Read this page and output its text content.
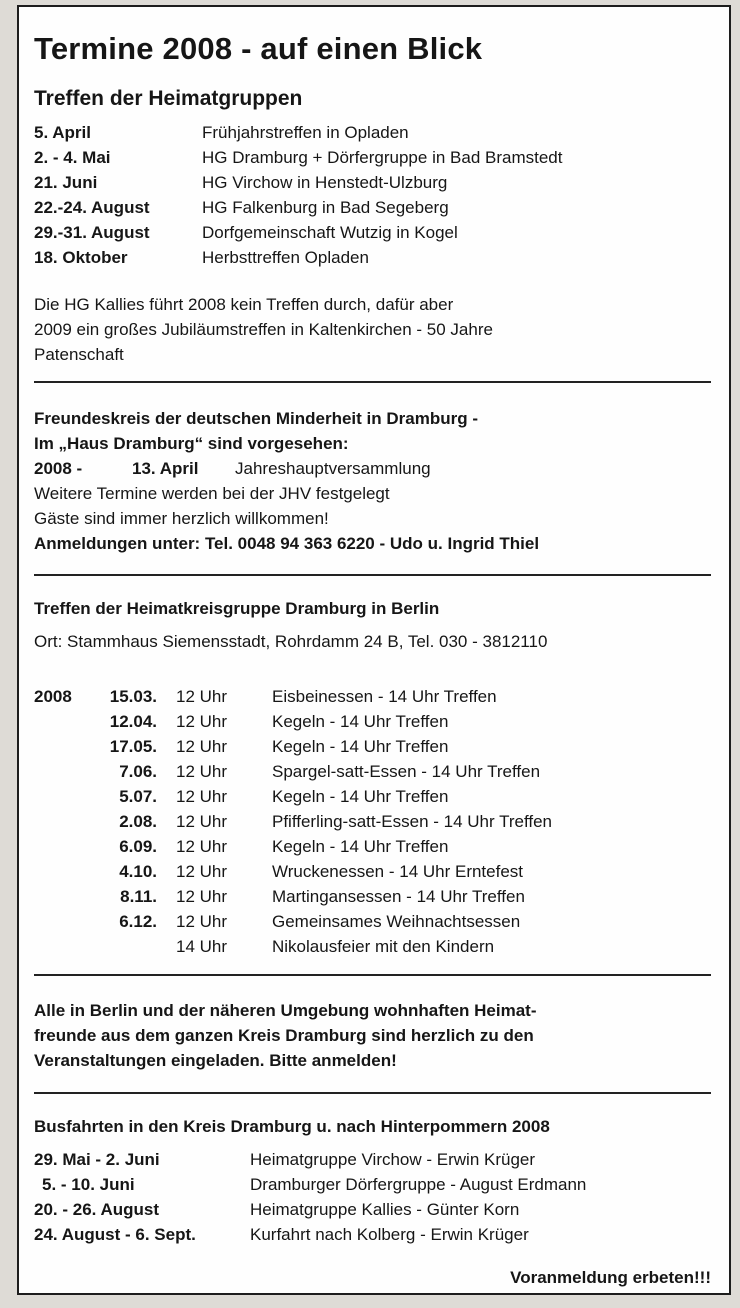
Termine 2008 - auf einen Blick
Treffen der Heimatgruppen
5. April	Frühjahrstreffen in Opladen
2. - 4. Mai	HG Dramburg + Dörfergruppe in Bad Bramstedt
21. Juni	HG Virchow in Henstedt-Ulzburg
22.-24. August	HG Falkenburg in Bad Segeberg
29.-31. August	Dorfgemeinschaft Wutzig in Kogel
18. Oktober	Herbsttreffen Opladen
Die HG Kallies führt 2008 kein Treffen durch, dafür aber
2009 ein großes Jubiläumstreffen in Kaltenkirchen - 50 Jahre
Patenschaft
Freundeskreis der deutschen Minderheit in Dramburg -
Im „Haus Dramburg“ sind vorgesehen:
2008 -	13. April Jahreshauptversammlung
Weitere Termine werden bei der JHV festgelegt
Gäste sind immer herzlich willkommen!
Anmeldungen unter: Tel. 0048 94 363 6220 - Udo u. Ingrid Thiel
Treffen der Heimatkreisgruppe Dramburg in Berlin
Ort: Stammhaus Siemensstadt, Rohrdamm 24 B, Tel. 030 - 3812110
2008	15.03. 12 Uhr	Eisbeinessen - 14 Uhr Treffen
12.04. 12 Uhr	Kegeln - 14 Uhr Treffen
17.05. 12 Uhr	Kegeln - 14 Uhr Treffen
7.06. 12 Uhr	Spargel-satt-Essen - 14 Uhr Treffen
5.07. 12 Uhr	Kegeln - 14 Uhr Treffen
2.08. 12 Uhr	Pfifferling-satt-Essen - 14 Uhr Treffen
6.09. 12 Uhr	Kegeln - 14 Uhr Treffen
4.10. 12 Uhr	Wruckenessen - 14 Uhr Erntefest
8.11. 12 Uhr	Martingansessen - 14 Uhr Treffen
6.12. 12 Uhr	Gemeinsames Weihnachtsessen
14 Uhr	Nikolausfeier mit den Kindern
Alle in Berlin und der näheren Umgebung wohnhaften Heimat-
freunde aus dem ganzen Kreis Dramburg sind herzlich zu den
Veranstaltungen eingeladen. Bitte anmelden!
Busfahrten in den Kreis Dramburg u. nach Hinterpommern 2008
29. Mai - 2. Juni	Heimatgruppe Virchow - Erwin Krüger
5. - 10. Juni	Dramburger Dörfergruppe - August Erdmann
20. - 26. August	Heimatgruppe Kallies - Günter Korn
24. August - 6. Sept.	Kurfahrt nach Kolberg - Erwin Krüger
Voranmeldung erbeten!!!
